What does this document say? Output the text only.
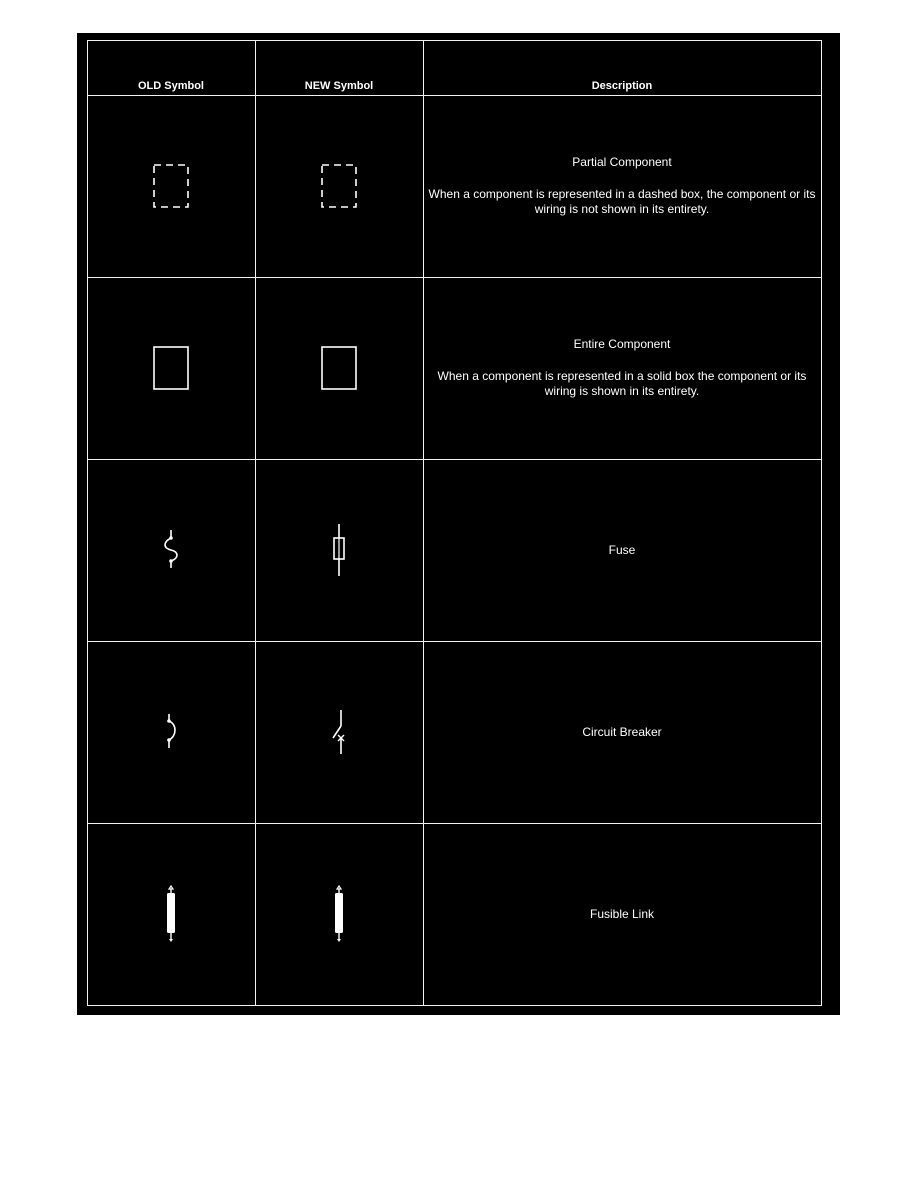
OLD Symbol	NEW Symbol	Description
Partial Component
When a component is represented in a dashed box, the component or its wiring is not shown in its entirety.
Entire Component
When a component is represented in a solid box the component or its wiring is shown in its entirety.
Fuse
Circuit Breaker
Fusible Link
